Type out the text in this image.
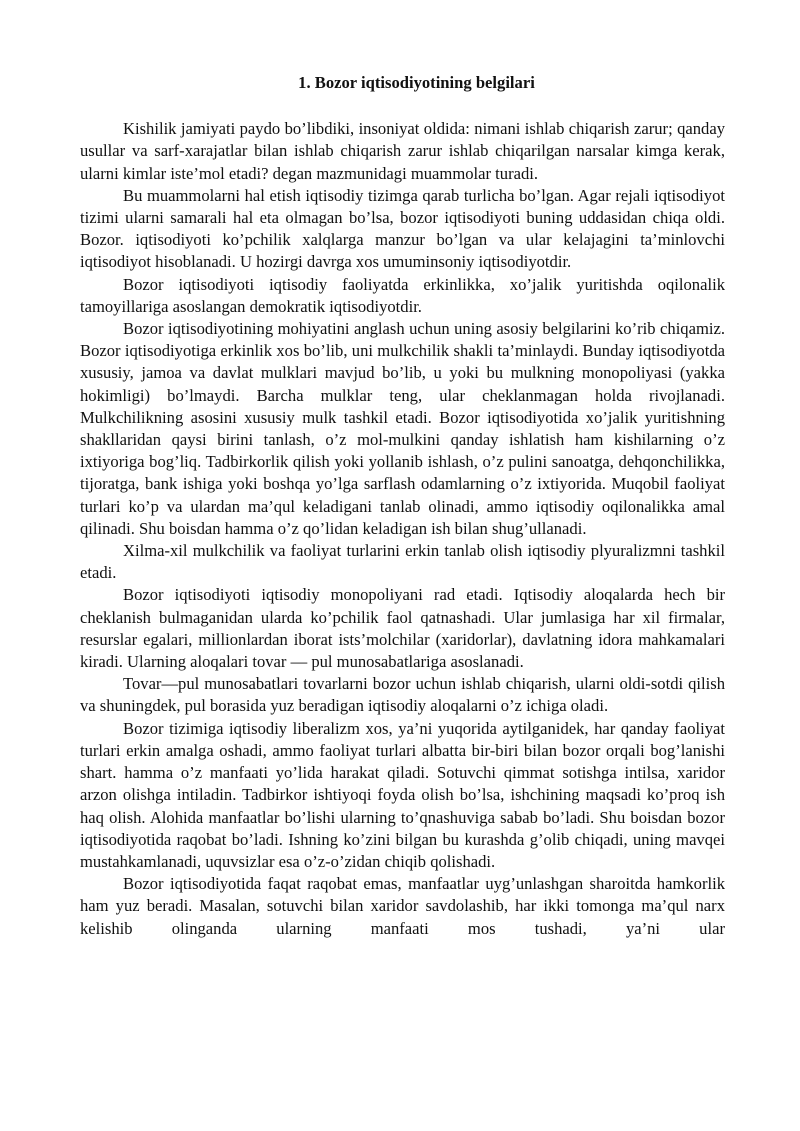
1. Bozor iqtisodiyotining belgilari

Kishilik jamiyati paydo bo’libdiki, insoniyat oldida: nimani ishlab chiqarish zarur; qanday usullar va sarf-xarajatlar bilan ishlab chiqarish zarur ishlab chiqarilgan narsalar kimga kerak, ularni kimlar iste’mol etadi? degan mazmunidagi muammolar turadi.

Bu muammolarni hal etish iqtisodiy tizimga qarab turlicha bo’lgan. Agar rejali iqtisodiyot tizimi ularni samarali hal eta olmagan bo’lsa, bozor iqtisodiyoti buning uddasidan chiqa oldi. Bozor. iqtisodiyoti ko’pchilik xalqlarga manzur bo’lgan va ular kelajagini ta’minlovchi iqtisodiyot hisoblanadi. U hozirgi davrga xos umuminsoniy iqtisodiyotdir.

Bozor iqtisodiyoti iqtisodiy faoliyatda erkinlikka, xo’jalik yuritishda oqilonalik tamoyillariga asoslangan demokratik iqtisodiyotdir.

Bozor iqtisodiyotining mohiyatini anglash uchun uning asosiy belgilarini ko’rib chiqamiz. Bozor iqtisodiyotiga erkinlik xos bo’lib, uni mulkchilik shakli ta’minlaydi. Bunday iqtisodiyotda xususiy, jamoa va davlat mulklari mavjud bo’lib, u yoki bu mulkning monopoliyasi (yakka hokimligi) bo’lmaydi. Barcha mulklar teng, ular cheklanmagan holda rivojlanadi. Mulkchilikning asosini xususiy mulk tashkil etadi. Bozor iqtisodiyotida xo’jalik yuritishning shakllaridan qaysi birini tanlash, o’z mol-mulkini qanday ishlatish ham kishilarning o’z ixtiyoriga bog’liq. Tadbirkorlik qilish yoki yollanib ishlash, o’z pulini sanoatga, dehqonchilikka, tijoratga, bank ishiga yoki boshqa yo’lga sarflash odamlarning o’z ixtiyorida. Muqobil faoliyat turlari ko’p va ulardan ma’qul keladigani tanlab olinadi, ammo iqtisodiy oqilonalikka amal qilinadi. Shu boisdan hamma o’z qo’lidan keladigan ish bilan shug’ullanadi.

Xilma-xil mulkchilik va faoliyat turlarini erkin tanlab olish iqtisodiy plyuralizmni tashkil etadi.

Bozor iqtisodiyoti iqtisodiy monopoliyani rad etadi. Iqtisodiy aloqalarda hech bir cheklanish bulmaganidan ularda ko’pchilik faol qatnashadi. Ular jumlasiga har xil firmalar, resurslar egalari, millionlardan iborat ists’molchilar (xaridorlar), davlatning idora mahkamalari kiradi. Ularning aloqalari tovar — pul munosabatlariga asoslanadi.

Tovar—pul munosabatlari tovarlarni bozor uchun ishlab chiqarish, ularni oldi-sotdi qilish va shuningdek, pul borasida yuz beradigan iqtisodiy aloqalarni o’z ichiga oladi.

Bozor tizimiga iqtisodiy liberalizm xos, ya’ni yuqorida aytilganidek, har qanday faoliyat turlari erkin amalga oshadi, ammo faoliyat turlari albatta bir-biri bilan bozor orqali bog’lanishi shart. hamma o’z manfaati yo’lida harakat qiladi. Sotuvchi qimmat sotishga intilsa, xaridor arzon olishga intiladin. Tadbirkor ishtiyoqi foyda olish bo’lsa, ishchining maqsadi ko’proq ish haq olish. Alohida manfaatlar bo’lishi ularning to’qnashuviga sabab bo’ladi. Shu boisdan bozor iqtisodiyotida raqobat bo’ladi. Ishning ko’zini bilgan bu kurashda g’olib chiqadi, uning mavqei mustahkamlanadi, uquvsizlar esa o’z-o’zidan chiqib qolishadi.

Bozor iqtisodiyotida faqat raqobat emas, manfaatlar uyg’unlashgan sharoitda hamkorlik ham yuz beradi. Masalan, sotuvchi bilan xaridor savdolashib, har ikki tomonga ma’qul narx kelishib olinganda ularning manfaati mos tushadi, ya’ni ular
